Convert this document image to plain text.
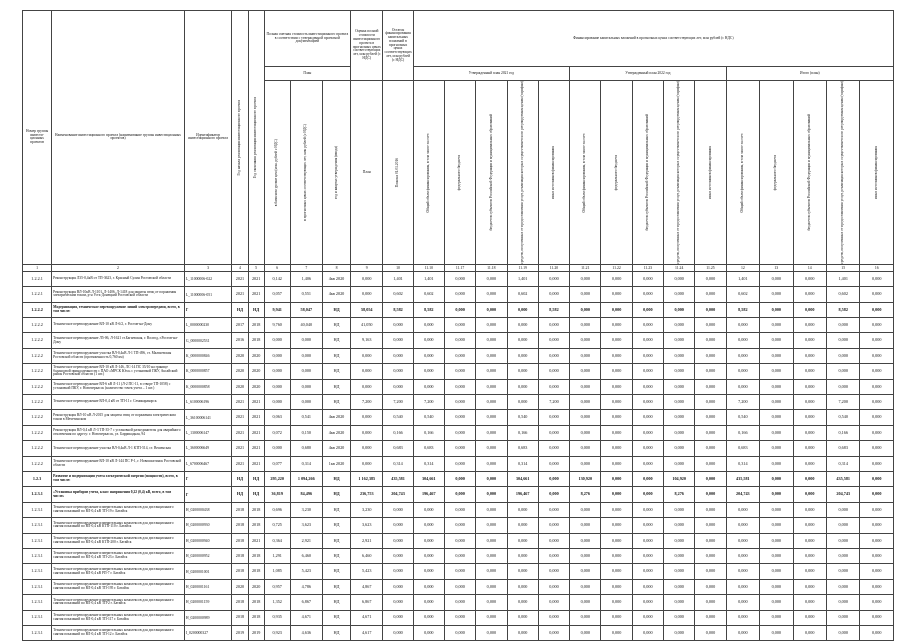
Номер группы инвести-ционных проектов	Наименование инвестиционного проекта (наименование группы инвестиционных проектов)	Идентификатор инвестиционного проекта	Год начала реализации инвестиционного проекта	Год окончания реализации инвестиционного проекта	Полная сметная стоимость инвестиционного проекта в соответствии с утвержденной проектной документацией			Оценка полной стоимости инвестиционного проекта в прогнозных ценах соответствующих лет, млн рублей (с НДС)	Остаток финансирования капитальных вложений в прогнозных ценах соответствующих лет, млн рублей (с НДС)	Финансирование капитальных вложений в прогнозных ценах соответствующих лет, млн рублей (с НДС)														
					План					Утвержденный план 2021 год					Утвержденный план 2022 год					Итого (план)				

					в базисном уровне цен (млн. рублей с НДС)	в прогнозных ценах соответствующих лет, млн рублей (с НДС)	год и квартал утверждения (ввода)	План	План на 01.01.2016	Общий объем финансирования, в том числе за счет:	федерального бюджета	бюджетов субъектов Российской Федерации и муниципальных образований	средств, полученных от предоставления услуг, реализация которых осуществляется по регулируемым ценам (тарифам)	иных источников финансирования	Общий объем финансирования, в том числе за счет:	федерального бюджета	бюджетов субъектов Российской Федерации и муниципальных образований	средств, полученных от предоставления услуг, реализация которых осуществляется по регулируемым ценам (тарифам)	иных источников финансирования	Общий объем финансирования, в том числе за счет:	федерального бюджета	бюджетов субъектов Российской Федерации и муниципальных образований	средств, полученных от предоставления услуг, реализация которых осуществляется по регулируемым ценам (тарифам)	иных источников финансирования

1	2	3	4	5	6	7	8	9	10	11.10	11.17	11.18	11.19	11.20	11.21	11.22	11.23	11.24	11.25	12	13	14	15	16
1.2.2.1	Реконструкция Л35-0,4кВ от ТП-3623, г. Красный Сулин Ростовской области	L_11000006-022	2021	2021	0,142	1,406	4кв 2020	0,000	1,401	1,401	0,000	0,000	1,401	0,000	0,000	0,000	0,000	0,000	0,000	1,401	0,000	0,000	1,401	0,000
1.2.2.1	Реконструкция ВЛ-10кВ Л-1101, Л-1406, Л-1418 для защиты птиц от поражения электрическим током, р-н Усть-Донецкий Ростовской области	L_11000006-051	2021	2021	0,057	0,551	4кв 2020	0,000	0,602	0,602	0,000	0,000	0,602	0,000	0,000	0,000	0,000	0,000	0,000	0,602	0,000	0,000	0,602	0,000
1.2.2.2	Модернизация, техническое перевооружение линий электропередачи, всего, в том числе:	Г	НД	НД	9,941	58,047	НД	58,054	8,582	8,582	0,000	0,000	0,000	8,582	0,000	0,000	0,000	0,000	0,000	8,582	0,000	0,000	8,582	0,000
1.2.2.2	Техническое перевооружение ВЛ-10 кВ Л-6/2, г. Ростов-на-Дону	L_0000000230	2017	2018	9,760	40,040	НД	41,050	0,000	0,000	0,000	0,000	0,000	0,000	0,000	0,000	0,000	0,000	0,000	0,000	0,000	0,000	0,000	0,000
1.2.2.2	Техническое перевооружение Л5-06, Л-1621 ст.Багаевская, г. Волгод, г.Ростов-на-Дону	G_0000002531	2016	2018	0,000	0,000	НД	9,163	0,000	0,000	0,000	0,000	0,000	0,000	0,000	0,000	0,000	0,000	0,000	0,000	0,000	0,000	0,000	0,000
1.2.2.2	Техническое перевооружение участка ВЛ-0,4кВ Л-1 ТП-496, ст. Мальчевская Ростовской области (протяженность 0,760 км)	K_0000000846	2020	2020	0,000	0,000	НД	0,000	0,000	0,000	0,000	0,000	0,000	0,000	0,000	0,000	0,000	0,000	0,000	0,000	0,000	0,000	0,000	0,000
1.2.2.2	Техническое перевооружение ВЛ-10 кВ Л-146, ЛС-14 ПС 35/10 на границе балансовой принадлежности с ПАО «МРСК Юга» с установкой ПКУ, Аксайский район Ростовской области (1 шт.)	K_0000000857	2020	2020	0,000	0,000	НД	0,000	0,000	0,000	0,000	0,000	0,000	0,000	0,000	0,000	0,000	0,000	0,000	0,000	0,000	0,000	0,000	0,000
1.2.2.2	Техническое перевооружение ВЛ-6 кВ Л-11 (Л-2 ПС-11, в створе ТП-1058) с установкой ПКУ, г. Новочеркасск (количество точек учета – 1 шт.)	K_0000000858	2020	2020	0,000	0,000	НД	0,000	0,000	0,000	0,000	0,000	0,000	0,000	0,000	0,000	0,000	0,000	0,000	0,000	0,000	0,000	0,000	0,000
1.2.2.2	Техническое перевооружение ВЛ-0,4 кВ от ТП-11 г. Семикаракорск	L_6100006196	2021	2021	0,000	0,000	НД	7,200	7,200	7,200	0,000	0,000	0,000	7,200	0,000	0,000	0,000	0,000	0,000	7,200	0,000	0,000	7,200	0,000
1.2.2.2	Реконструкция ВЛ-10 кВ Л-2015 для защиты птиц от поражения электрическим током в Мечетинском	L_36100006141	2021	2021	0,063	0,541	4кв 2020	0,000	0,540	0,540	0,000	0,000	0,540	0,000	0,000	0,000	0,000	0,000	0,000	0,540	0,000	0,000	0,540	0,000
1.2.2.2	Реконструкция ВЛ-0,4 кВ Л-3 ТП-35-7 с установкой разъединителя для аварийного отключения по адресу: г. Новочеркасск, ул. Баррикадная, 94	L_1300006147	2021	2021	0,072	0,150	4кв 2020	0,000	0,166	0,166	0,000	0,000	0,166	0,000	0,000	0,000	0,000	0,000	0,000	0,166	0,000	0,000	0,166	0,000
1.2.2.2	Техническое перевооружение участка ВЛ-0,4кВ Л-1 КТП-514, ст. Вешенская	L_3600006649	2021	2021	0,000	0,680	4кв 2020	0,000	0,683	0,683	0,000	0,000	0,683	0,000	0,000	0,000	0,000	0,000	0,000	0,683	0,000	0,000	0,683	0,000
1.2.2.2	Техническое перевооружение ВЛ-10 кВ Л-144 ПС Р-1, г. Новошахтинск Ростовской области	L_6700006467	2021	2021	0,077	0,314	1кв 2020	0,000	0,314	0,314	0,000	0,000	0,314	0,000	0,000	0,000	0,000	0,000	0,000	0,314	0,000	0,000	0,314	0,000
1.2.3	Развитие и модернизация учета электрической энергии (мощности), всего, в том числе:	Г	НД	НД	295,220	1 094,266	НД	1 162,385	435,581	304,661	0,000	0,000	304,661	0,000	130,920	0,000	0,000	104,920	0,000	435,581	0,000	0,000	435,581	0,000
1.2.3.1	«Установка приборов учета, класс напряжения 0,22 (0,4) кВ, всего, в том числе»	Г	НД	НД	36,819	84,496	НД	236,753	204,743	196,467	0,000	0,000	196,467	0,000	8,276	0,000	0,000	8,276	0,000	204,743	0,000	0,000	204,743	0,000
1.2.3.1	Техническое перевооружение измерительных комплексов для дистанционного снятия показаний по ВЛ-0,4 кВ ТП-19 г. Батайск	H_0200000438	2018	2018	0,696	3,230	НД	3,230	0,000	0,000	0,000	0,000	0,000	0,000	0,000	0,000	0,000	0,000	0,000	0,000	0,000	0,000	0,000	0,000
1.2.3.1	Техническое перевооружение измерительных комплексов для дистанционного снятия показаний по ВЛ-0,4 кВ КТП-110 г. Батайск	H_0200000930	2018	2018	0,725	3,623	НД	3,623	0,000	0,000	0,000	0,000	0,000	0,000	0,000	0,000	0,000	0,000	0,000	0,000	0,000	0,000	0,000	0,000
1.2.3.1	Техническое перевооружение измерительных комплексов для дистанционного снятия показаний по ВЛ-0,4 кВ КТП-200 г. Батайск	H_0200000940	2018	2021	0,364	2,921	НД	2,921	0,000	0,000	0,000	0,000	0,000	0,000	0,000	0,000	0,000	0,000	0,000	0,000	0,000	0,000	0,000	0,000
1.2.3.1	Техническое перевооружение измерительных комплексов для дистанционного снятия показаний по ВЛ-0,4 кВ ТП-23 г. Батайск	H_0200000952	2018	2018	1,291	6,460	НД	6,460	0,000	0,000	0,000	0,000	0,000	0,000	0,000	0,000	0,000	0,000	0,000	0,000	0,000	0,000	0,000	0,000
1.2.3.1	Техническое перевооружение измерительных комплексов для дистанционного снятия показаний по ВЛ-0,4 кВ РП-7 г. Батайск	H_0200001001	2018	2018	1,085	5,423	НД	5,423	0,000	0,000	0,000	0,000	0,000	0,000	0,000	0,000	0,000	0,000	0,000	0,000	0,000	0,000	0,000	0,000
1.2.3.1	Техническое перевооружение измерительных комплексов для дистанционного снятия показаний по ВЛ-0,4 кВ ТП-195 г. Батайск	H_0200001161	2020	2020	0,957	4,786	НД	4,867	0,000	0,000	0,000	0,000	0,000	0,000	0,000	0,000	0,000	0,000	0,000	0,000	0,000	0,000	0,000	0,000
1.2.3.1	Техническое перевооружение измерительных комплексов для дистанционного снятия показаний по ВЛ-0,4 кВ ТП-2 г. Батайск	H_0200001159	2018	2018	1,352	6,867	НД	6,867	0,000	0,000	0,000	0,000	0,000	0,000	0,000	0,000	0,000	0,000	0,000	0,000	0,000	0,000	0,000	0,000
1.2.3.1	Техническое перевооружение измерительных комплексов для дистанционного снятия показаний по ВЛ-0,4 кВ ТП-117 г. Батайск	H_0200000989	2018	2018	0,935	4,671	НД	4,671	0,000	0,000	0,000	0,000	0,000	0,000	0,000	0,000	0,000	0,000	0,000	0,000	0,000	0,000	0,000	0,000
1.2.3.1	Техническое перевооружение измерительных комплексов для дистанционного снятия показаний по ВЛ-0,4 кВ ТП-12 г. Батайск	I_0200000327	2019	2019	0,923	4,636	НД	4,617	0,000	0,000	0,000	0,000	0,000	0,000	0,000	0,000	0,000	0,000	0,000	0,000	0,000	0,000	0,000	0,000
